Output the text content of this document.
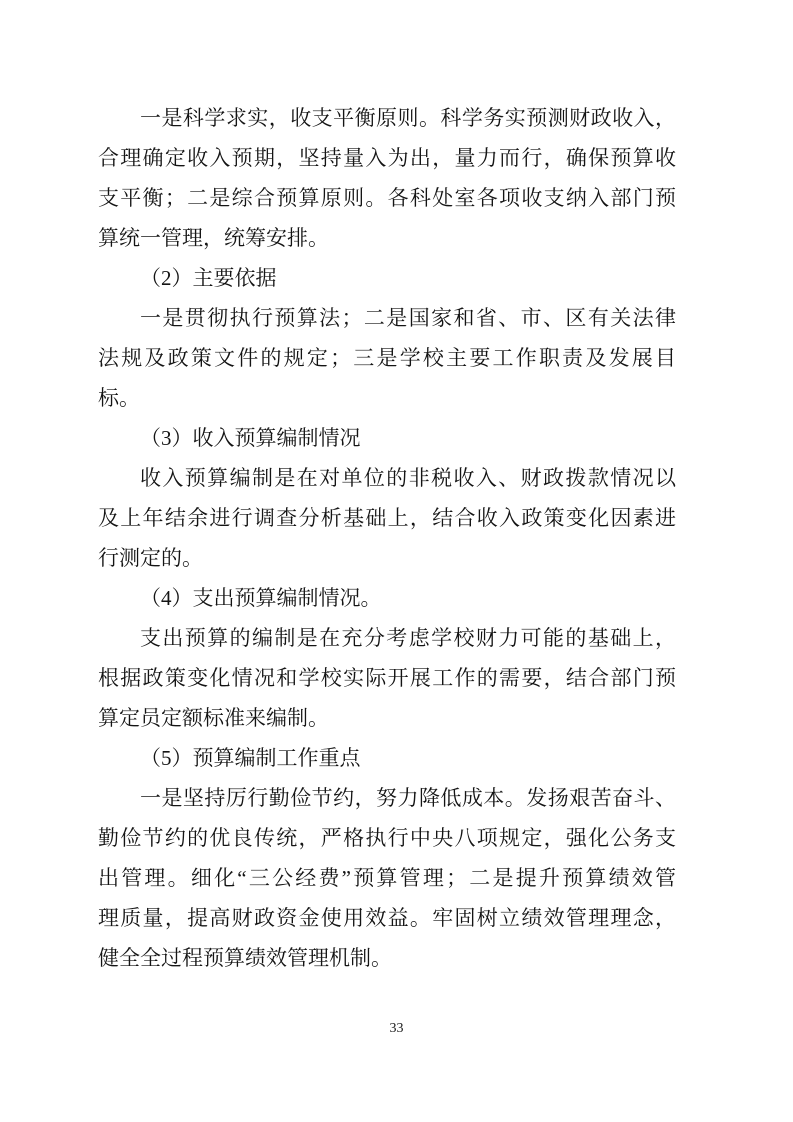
一是科学求实，收支平衡原则。科学务实预测财政收入，
合理确定收入预期，坚持量入为出，量力而行，确保预算收
支平衡；二是综合预算原则。各科处室各项收支纳入部门预
算统一管理，统筹安排。

（2）主要依据

一是贯彻执行预算法；二是国家和省、市、区有关法律
法规及政策文件的规定；三是学校主要工作职责及发展目
标。

（3）收入预算编制情况

收入预算编制是在对单位的非税收入、财政拨款情况以
及上年结余进行调查分析基础上，结合收入政策变化因素进
行测定的。

（4）支出预算编制情况。

支出预算的编制是在充分考虑学校财力可能的基础上，
根据政策变化情况和学校实际开展工作的需要，结合部门预
算定员定额标准来编制。

（5）预算编制工作重点

一是坚持厉行勤俭节约，努力降低成本。发扬艰苦奋斗、
勤俭节约的优良传统，严格执行中央八项规定，强化公务支
出管理。细化“三公经费”预算管理；二是提升预算绩效管
理质量，提高财政资金使用效益。牢固树立绩效管理理念，
健全全过程预算绩效管理机制。

33
